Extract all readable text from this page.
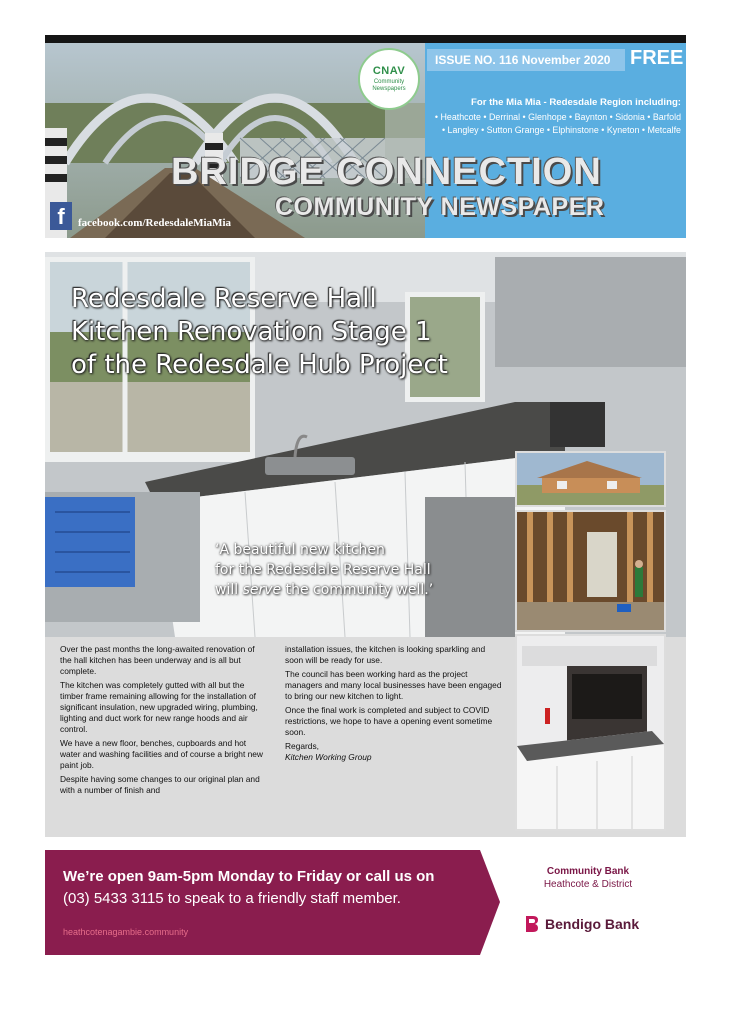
CNAV
Community Newspapers
ISSUE NO. 116 November 2020 FREE
For the Mia Mia - Redesdale Region including:
• Heathcote • Derrinal • Glenhope • Baynton • Sidonia • Barfold
• Langley • Sutton Grange • Elphinstone • Kyneton • Metcalfe
BRIDGE CONNECTION
COMMUNITY NEWSPAPER
f	facebook.com/RedesdaleMiaMia
Redesdale Reserve Hall
Kitchen Renovation Stage 1
of the Redesdale Hub Project
‘A beautiful new kitchen
for the Redesdale Reserve Hall
will serve the community well.’

Over the past months the long-awaited renovation of the hall kitchen has been underway and is all but complete.

The kitchen was completely gutted with all but the timber frame remaining allowing for the installation of significant insulation, new upgraded wiring, plumbing, lighting and duct work for new range hoods and air control.

We have a new floor, benches, cupboards and hot water and washing facilities and of course a bright new paint job.

Despite having some changes to our original plan and with a number of finish and

installation issues, the kitchen is looking sparkling and soon will be ready for use.

The council has been working hard as the project managers and many local businesses have been engaged to bring our new kitchen to light.

Once the final work is completed and subject to COVID restrictions, we hope to have a opening event sometime soon.

Regards,

Kitchen Working Group

We’re open 9am-5pm Monday to Friday or call us on
(03) 5433 3115 to speak to a friendly staff member.
heathcotenagambie.community
Community Bank
Heathcote & District
Bendigo Bank
